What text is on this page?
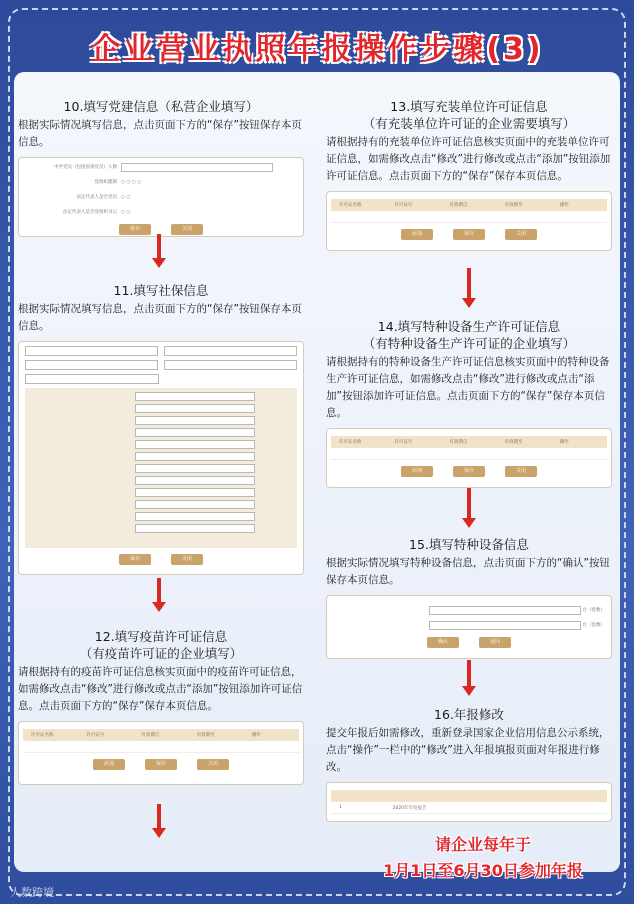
企业营业执照年报操作步骤(3)
10.填写党建信息（私营企业填写）
根据实际情况填写信息，点击页面下方的“保存”按钮保存本页信息。
中共党员（包括预备党员）人数
党组织建制 ○ ○ ○ ○
法定代表人是否党员 ○ ○
法定代表人是否党组织书记 ○ ○
保存	关闭
11.填写社保信息
根据实际情况填写信息，点击页面下方的“保存”按钮保存本页信息。
保存	关闭
12.填写疫苗许可证信息
（有疫苗许可证的企业填写）
请根据持有的疫苗许可证信息核实页面中的疫苗许可证信息，如需修改点击“修改”进行修改或点击“添加”按钮添加许可证信息。点击页面下方的“保存”保存本页信息。
许可证名称	许可证号	有效期自	有效期至	操作
添加	保存	关闭
13.填写充装单位许可证信息
（有充装单位许可证的企业需要填写）
请根据持有的充装单位许可证信息核实页面中的充装单位许可证信息，如需修改点击“修改”进行修改或点击“添加”按钮添加许可证信息。点击页面下方的“保存”保存本页信息。
许可证名称	许可证号	有效期自	有效期至	操作
添加	保存	关闭
14.填写特种设备生产许可证信息
（有特种设备生产许可证的企业填写）
请根据持有的特种设备生产许可证信息核实页面中的特种设备生产许可证信息，如需修改点击“修改”进行修改或点击“添加”按钮添加许可证信息。点击页面下方的“保存”保存本页信息。
许可证名称	许可证号	有效期自	有效期至	操作
添加	保存	关闭
15.填写特种设备信息
根据实际情况填写特种设备信息，点击页面下方的“确认”按钮保存本页信息。
台（套数）
台（套数）
确认	返回
16.年报修改
提交年报后如需修改，重新登录国家企业信用信息公示系统，点击“操作”一栏中的“修改”进入年报填报页面对年报进行修改。
1	2020年年度报告
请企业每年于
1月1日至6月30日参加年报
人数跨境
